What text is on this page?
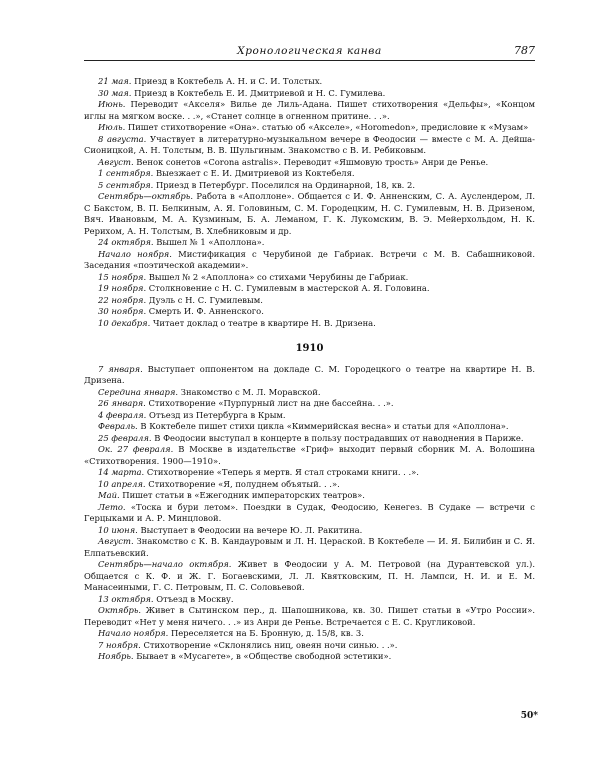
Хронологическая канва	787
21 мая. Приезд в Коктебель А. Н. и С. И. Толстых.
30 мая. Приезд в Коктебель Е. И. Дмитриевой и Н. С. Гумилева.
Июнь. Переводит «Акселя» Вилье де Лиль-Адана. Пишет стихотворения «Дельфы», «Концом иглы на мягком воске. . .», «Станет солнце в огненном притине. . .».
Июль. Пишет стихотворение «Она». статью об «Акселе», «Horomedon», предисловие к «Музам»
8 августа. Участвует в литературно-музыкальном вечере в Феодосии — вместе с М. А. Дейша-Сионицкой, А. Н. Толстым, В. В. Шульгиным. Знакомство с В. И. Ребиковым.
Август. Венок сонетов «Corona astralis». Переводит «Яшмовую трость» Анри де Ренье.
1 сентября. Выезжает с Е. И. Дмитриевой из Коктебеля.
5 сентября. Приезд в Петербург. Поселился на Ординарной, 18, кв. 2.
Сентябрь—октябрь. Работа в «Аполлоне». Общается с И. Ф. Анненским, С. А. Ауслендером, Л. С Бакстом, В. П. Белкиным, А. Я. Головиным, С. М. Городецким, Н. С. Гумилевым, Н. В. Дризеном, Вяч. Ивановым, М. А. Кузминым, Б. А. Леманом, Г. К. Лукомским, В. Э. Мейерхольдом, Н. К. Рерихом, А. Н. Толстым, В. Хлебниковым и др.
24 октября. Вышел № 1 «Аполлона».
Начало ноября. Мистификация с Черубиной де Габриак. Встречи с М. В. Сабашниковой. Заседания «поэтической академии».
15 ноября. Вышел № 2 «Аполлона» со стихами Черубины де Габриак.
19 ноября. Столкновение с Н. С. Гумилевым в мастерской А. Я. Головина.
22 ноября. Дуэль с Н. С. Гумилевым.
30 ноября. Смерть И. Ф. Анненского.
10 декабря. Читает доклад о театре в квартире Н. В. Дризена.
1910
7 января. Выступает оппонентом на докладе С. М. Городецкого о театре на квартире Н. В. Дризена.
Середина января. Знакомство с М. Л. Моравской.
26 января. Стихотворение «Пурпурный лист на дне бассейна. . .».
4 февраля. Отъезд из Петербурга в Крым.
Февраль. В Коктебеле пишет стихи цикла «Киммерийская весна» и статьи для «Аполлона».
25 февраля. В Феодосии выступал в концерте в пользу пострадавших от наводнения в Париже.
Ок. 27 февраля. В Москве в издательстве «Гриф» выходит первый сборник М. А. Волошина «Стихотворения. 1900—1910».
14 марта. Стихотворение «Теперь я мертв. Я стал строками книги. . .».
10 апреля. Стихотворение «Я, полуднем объятый. . .».
Май. Пишет статьи в «Ежегодник императорских театров».
Лето. «Тоска и бури летом». Поездки в Судак, Феодосию, Кенегез. В Судаке — встречи с Герцыками и А. Р. Минцловой.
10 июня. Выступает в Феодосии на вечере Ю. Л. Ракитина.
Август. Знакомство с К. В. Кандауровым и Л. Н. Цераской. В Коктебеле — И. Я. Билибин и С. Я. Елпатьевский.
Сентябрь—начало октября. Живет в Феодосии у А. М. Петровой (на Дурантевской ул.). Общается с К. Ф. и Ж. Г. Богаевскими, Л. Л. Квятковским, П. Н. Лампси, Н. И. и Е. М. Манасеиными, Г. С. Петровым, П. С. Соловьевой.
13 октября. Отъезд в Москву.
Октябрь. Живет в Сытинском пер., д. Шапошникова, кв. 30. Пишет статьи в «Утро России». Переводит «Нет у меня ничего. . .» из Анри де Ренье. Встречается с Е. С. Кругликовой.
Начало ноября. Переселяется на Б. Бронную, д. 15/8, кв. 3.
7 ноября. Стихотворение «Склонялись ниц, овеян ночи синью. . .».
Ноябрь. Бывает в «Мусагете», в «Обществе свободной эстетики».
50*
